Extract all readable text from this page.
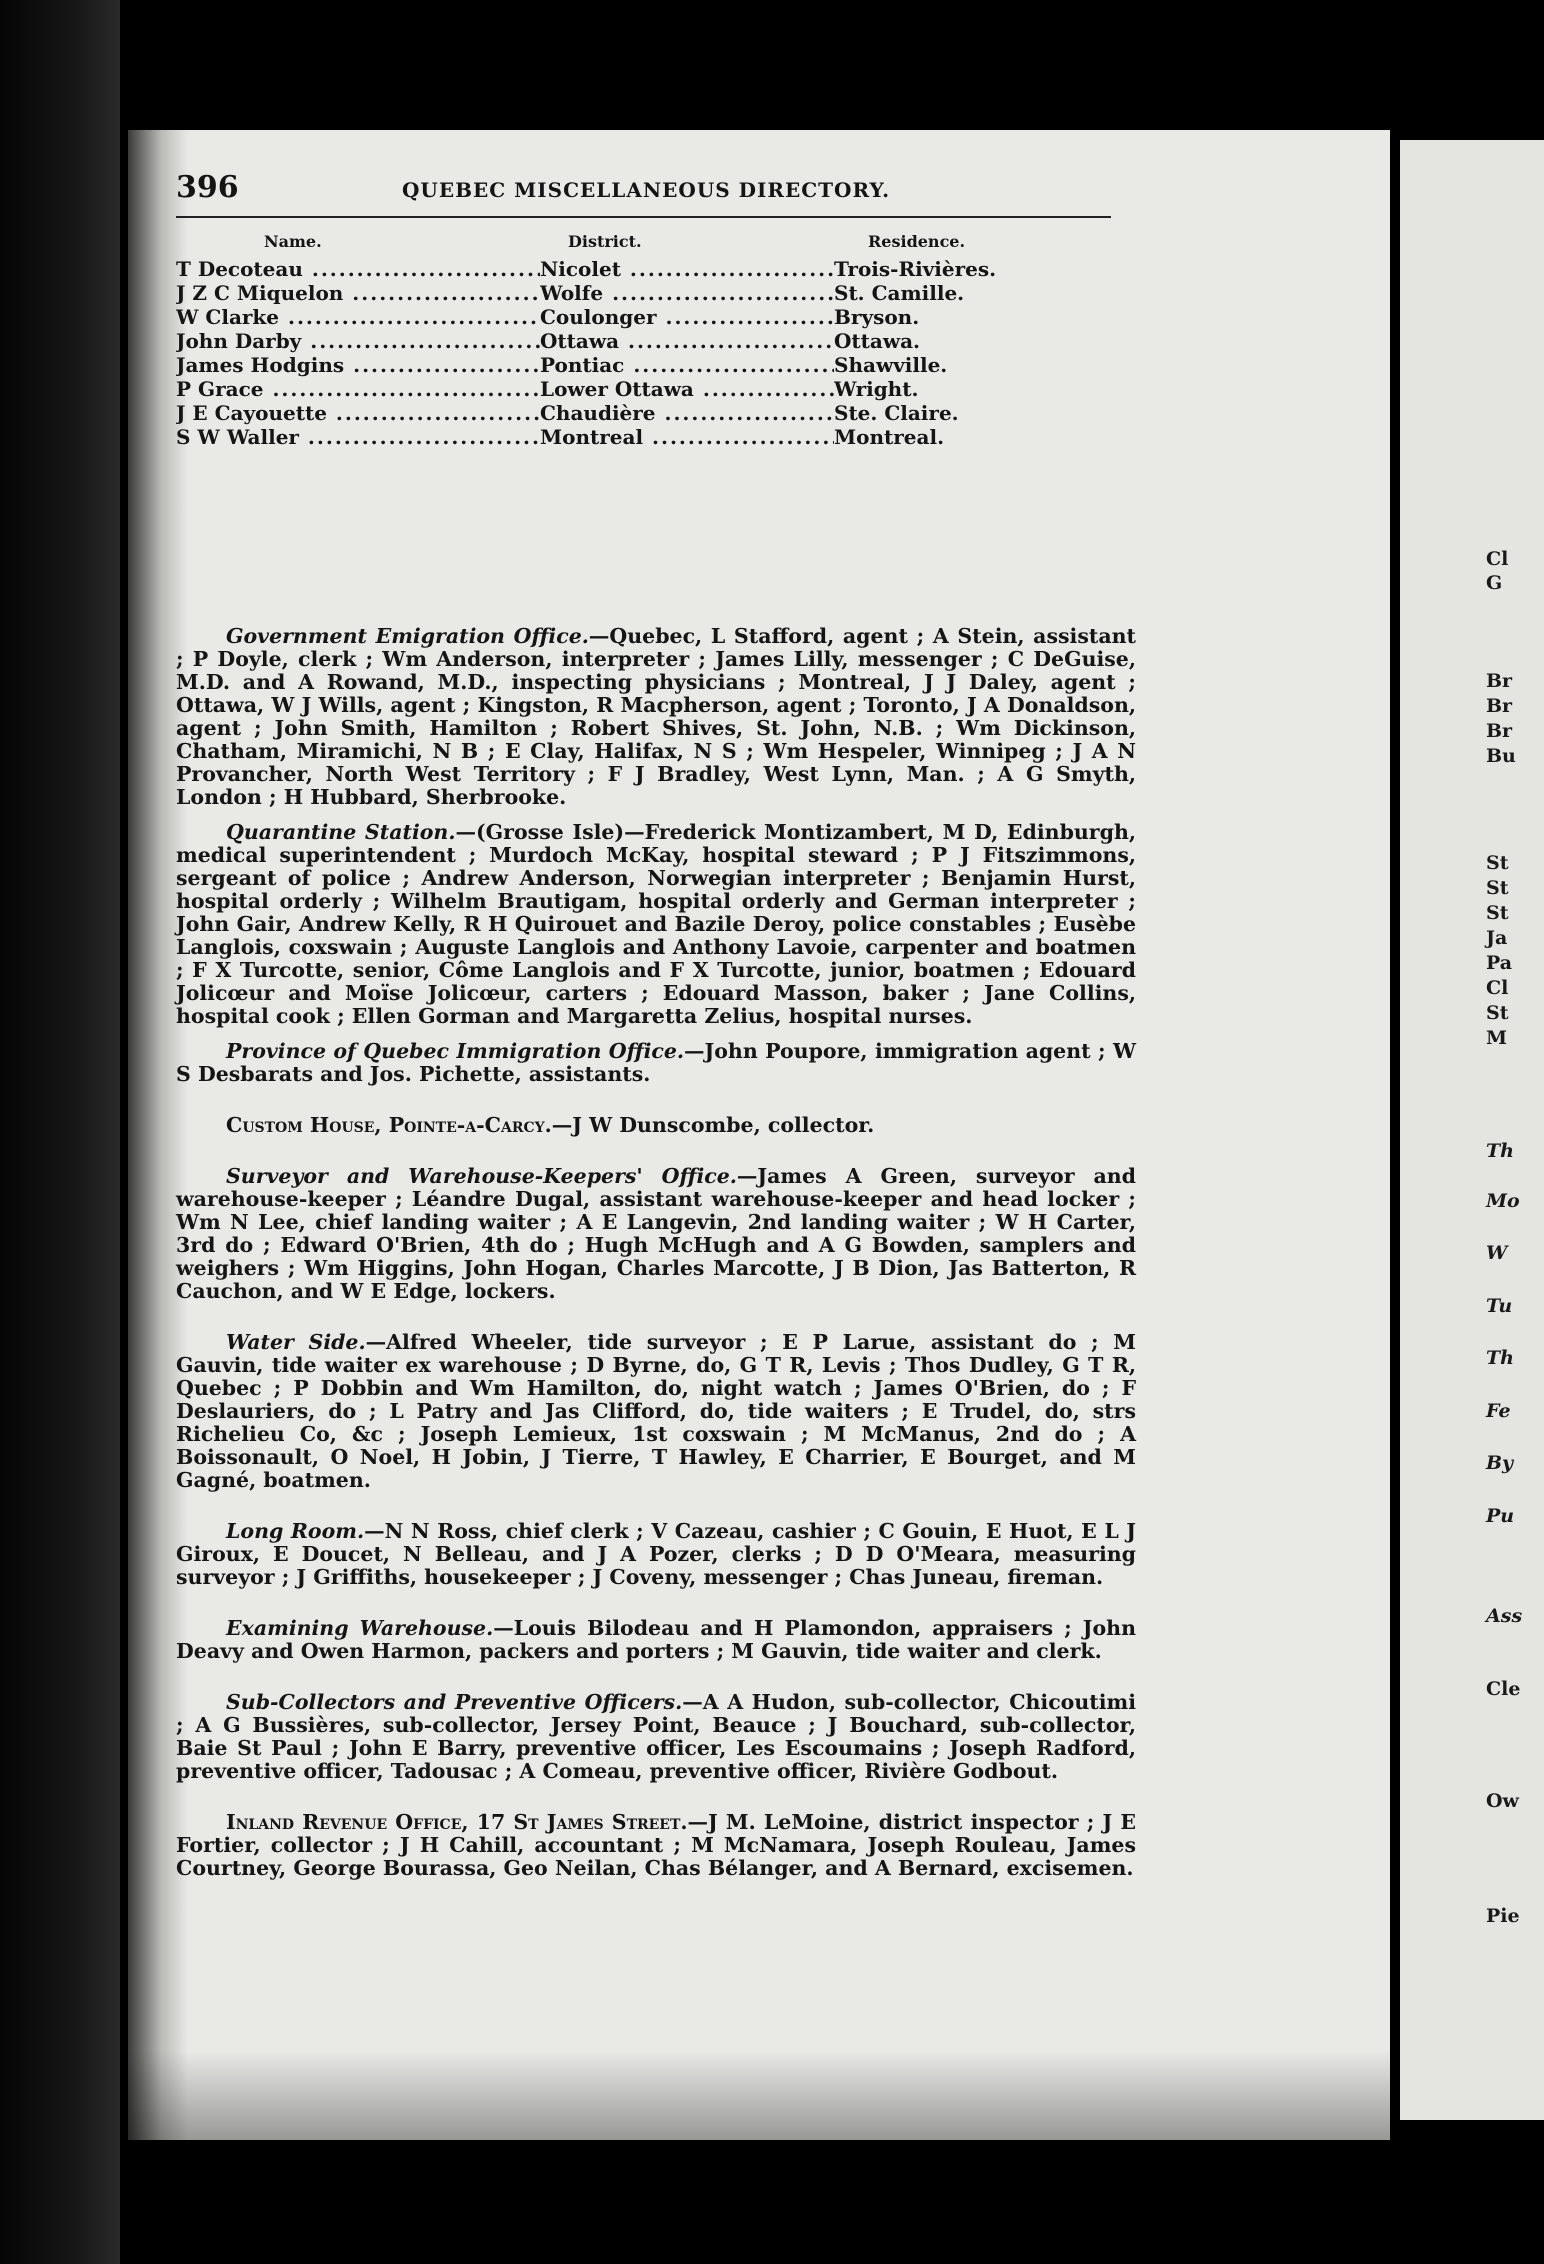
396	QUEBEC MISCELLANEOUS DIRECTORY.
Name.	District.	Residence.
T Decoteau .....	Nicolet .....	Trois-Rivières.
J Z C Miquelon .....	Wolfe .....	St. Camille.
W Clarke .....	Coulonger .....	Bryson.
John Darby .....	Ottawa .....	Ottawa.
James Hodgins .....	Pontiac .....	Shawville.
P Grace .....	Lower Ottawa .....	Wright.
J E Cayouette .....	Chaudière .....	Ste. Claire.
S W Waller .....	Montreal .....	Montreal.

Government Emigration Office.—Quebec, L Stafford, agent ; A Stein, assistant ; P Doyle, clerk ; Wm Anderson, interpreter ; James Lilly, messenger ; C DeGuise, M.D. and A Rowand, M.D., inspecting physicians ; Montreal, J J Daley, agent ; Ottawa, W J Wills, agent ; Kingston, R Macpherson, agent ; Toronto, J A Donaldson, agent ; John Smith, Hamilton ; Robert Shives, St. John, N.B. ; Wm Dickinson, Chatham, Miramichi, N B ; E Clay, Halifax, N S ; Wm Hespeler, Winnipeg ; J A N Provancher, North West Territory ; F J Bradley, West Lynn, Man. ; A G Smyth, London ; H Hubbard, Sherbrooke.

Quarantine Station.—(Grosse Isle)—Frederick Montizambert, M D, Edinburgh, medical superintendent ; Murdoch McKay, hospital steward ; P J Fitszimmons, sergeant of police ; Andrew Anderson, Norwegian interpreter ; Benjamin Hurst, hospital orderly ; Wilhelm Brautigam, hospital orderly and German interpreter ; John Gair, Andrew Kelly, R H Quirouet and Bazile Deroy, police constables ; Eusèbe Langlois, coxswain ; Auguste Langlois and Anthony Lavoie, carpenter and boatmen ; F X Turcotte, senior, Côme Langlois and F X Turcotte, junior, boatmen ; Edouard Jolicœur and Moïse Jolicœur, carters ; Edouard Masson, baker ; Jane Collins, hospital cook ; Ellen Gorman and Margaretta Zelius, hospital nurses.

Province of Quebec Immigration Office.—John Poupore, immigration agent ; W S Desbarats and Jos. Pichette, assistants.

Custom House, Pointe-a-Carcy.—J W Dunscombe, collector.

Surveyor and Warehouse-Keepers' Office.—James A Green, surveyor and warehouse-keeper ; Léandre Dugal, assistant warehouse-keeper and head locker ; Wm N Lee, chief landing waiter ; A E Langevin, 2nd landing waiter ; W H Carter, 3rd do ; Edward O'Brien, 4th do ; Hugh McHugh and A G Bowden, samplers and weighers ; Wm Higgins, John Hogan, Charles Marcotte, J B Dion, Jas Batterton, R Cauchon, and W E Edge, lockers.

Water Side.—Alfred Wheeler, tide surveyor ; E P Larue, assistant do ; M Gauvin, tide waiter ex warehouse ; D Byrne, do, G T R, Levis ; Thos Dudley, G T R, Quebec ; P Dobbin and Wm Hamilton, do, night watch ; James O'Brien, do ; F Deslauriers, do ; L Patry and Jas Clifford, do, tide waiters ; E Trudel, do, strs Richelieu Co, &c ; Joseph Lemieux, 1st coxswain ; M McManus, 2nd do ; A Boissonault, O Noel, H Jobin, J Tierre, T Hawley, E Charrier, E Bourget, and M Gagné, boatmen.

Long Room.—N N Ross, chief clerk ; V Cazeau, cashier ; C Gouin, E Huot, E L J Giroux, E Doucet, N Belleau, and J A Pozer, clerks ; D D O'Meara, measuring surveyor ; J Griffiths, housekeeper ; J Coveny, messenger ; Chas Juneau, fireman.

Examining Warehouse.—Louis Bilodeau and H Plamondon, appraisers ; John Deavy and Owen Harmon, packers and porters ; M Gauvin, tide waiter and clerk.

Sub-Collectors and Preventive Officers.—A A Hudon, sub-collector, Chicoutimi ; A G Bussières, sub-collector, Jersey Point, Beauce ; J Bouchard, sub-collector, Baie St Paul ; John E Barry, preventive officer, Les Escoumains ; Joseph Radford, preventive officer, Tadousac ; A Comeau, preventive officer, Rivière Godbout.

Inland Revenue Office, 17 St James Street.—J M. LeMoine, district inspector ; J E Fortier, collector ; J H Cahill, accountant ; M McNamara, Joseph Rouleau, James Courtney, George Bourassa, Geo Neilan, Chas Bélanger, and A Bernard, excisemen.

Cl
G
Br
Br
Br
Bu
St
St
St
Ja
Pa
Cl
St
M
Th
Mo
W
Tu
Th
Fe
By
Pu
Ass
Cle
Ow
Pie
